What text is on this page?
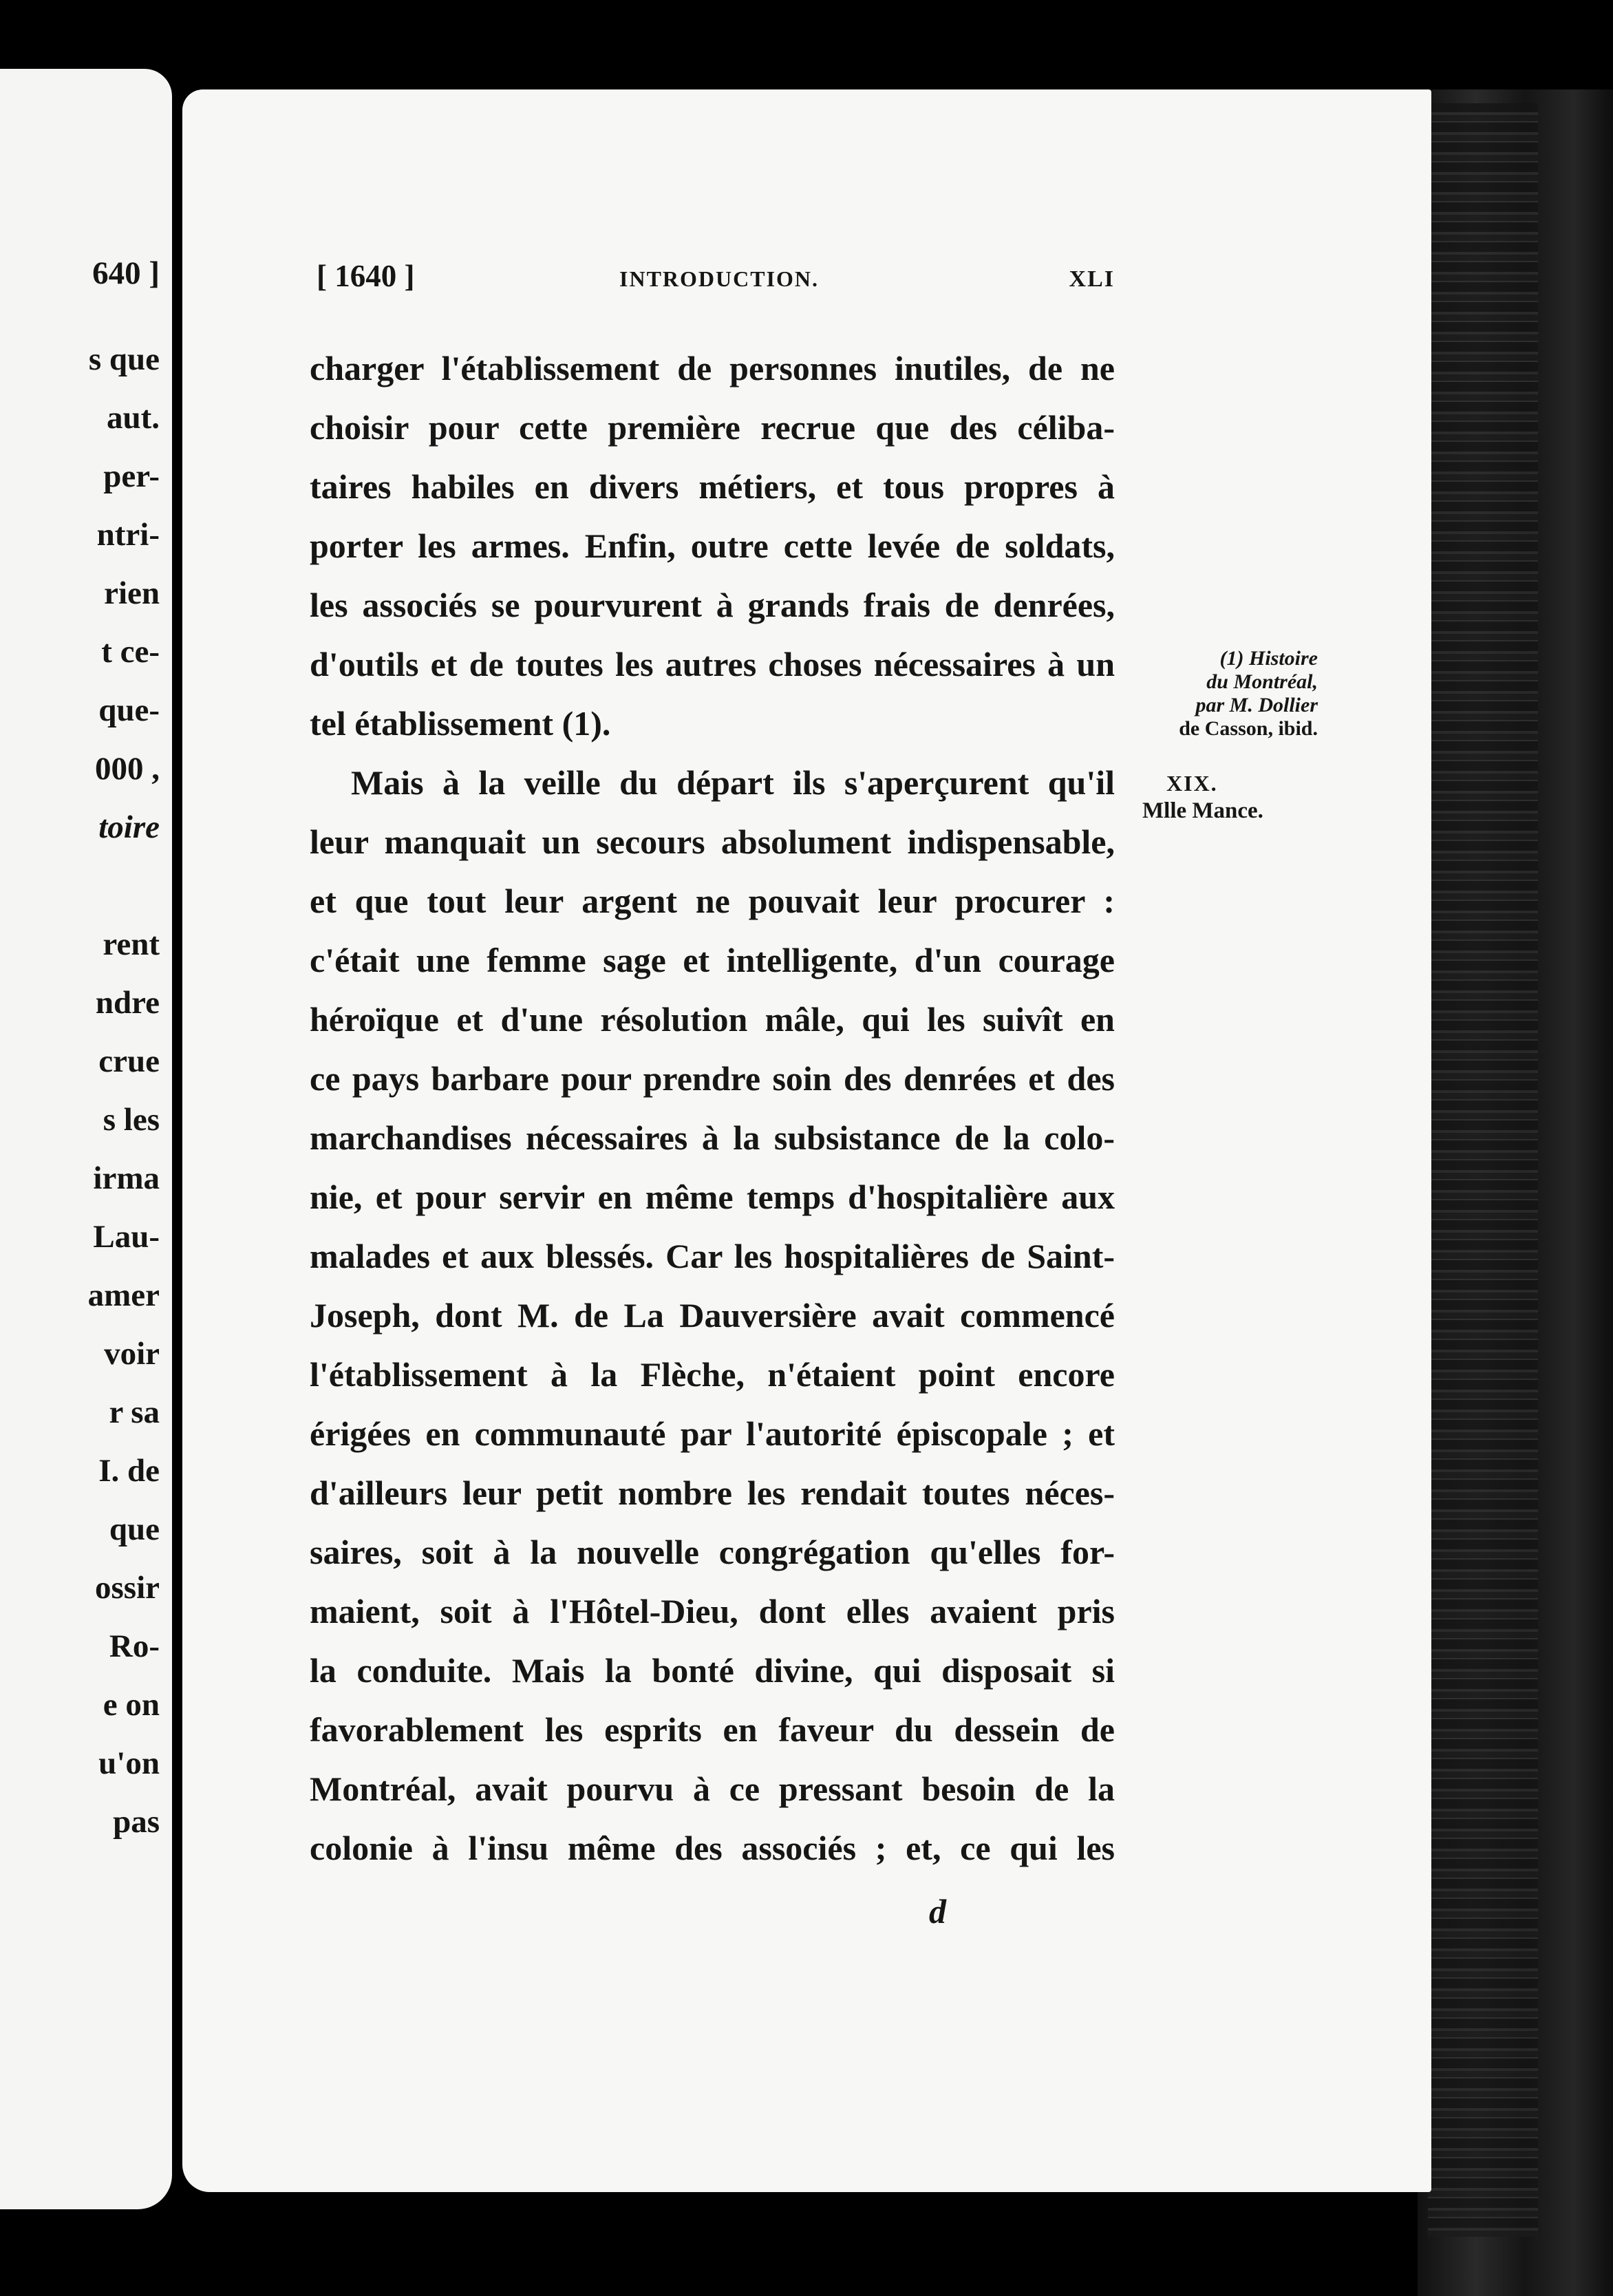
640 ]
s que
aut.
per-
ntri-
rien
t ce-
que-
000 ,
toire
rent
ndre
crue
s les
irma
Lau-
amer
voir
r sa
I. de
que
ossir
Ro-
e on
u'on
pas
[ 1640 ]	INTRODUCTION.	XLI
charger l'établissement de personnes inutiles, de ne
choisir pour cette première recrue que des céliba-
taires habiles en divers métiers, et tous propres à
porter les armes. Enfin, outre cette levée de soldats,
les associés se pourvurent à grands frais de denrées,
d'outils et de toutes les autres choses nécessaires à un
tel établissement (1).
Mais à la veille du départ ils s'aperçurent qu'il
leur manquait un secours absolument indispensable,
et que tout leur argent ne pouvait leur procurer :
c'était une femme sage et intelligente, d'un courage
héroïque et d'une résolution mâle, qui les suivît en
ce pays barbare pour prendre soin des denrées et des
marchandises nécessaires à la subsistance de la colo-
nie, et pour servir en même temps d'hospitalière aux
malades et aux blessés. Car les hospitalières de Saint-
Joseph, dont M. de La Dauversière avait commencé
l'établissement à la Flèche, n'étaient point encore
érigées en communauté par l'autorité épiscopale ; et
d'ailleurs leur petit nombre les rendait toutes néces-
saires, soit à la nouvelle congrégation qu'elles for-
maient, soit à l'Hôtel-Dieu, dont elles avaient pris
la conduite. Mais la bonté divine, qui disposait si
favorablement les esprits en faveur du dessein de
Montréal, avait pourvu à ce pressant besoin de la
colonie à l'insu même des associés ; et, ce qui les
(1) Histoire
du Montréal,
par M. Dollier
de Casson, ibid.
XIX.
Mlle Mance.
d
